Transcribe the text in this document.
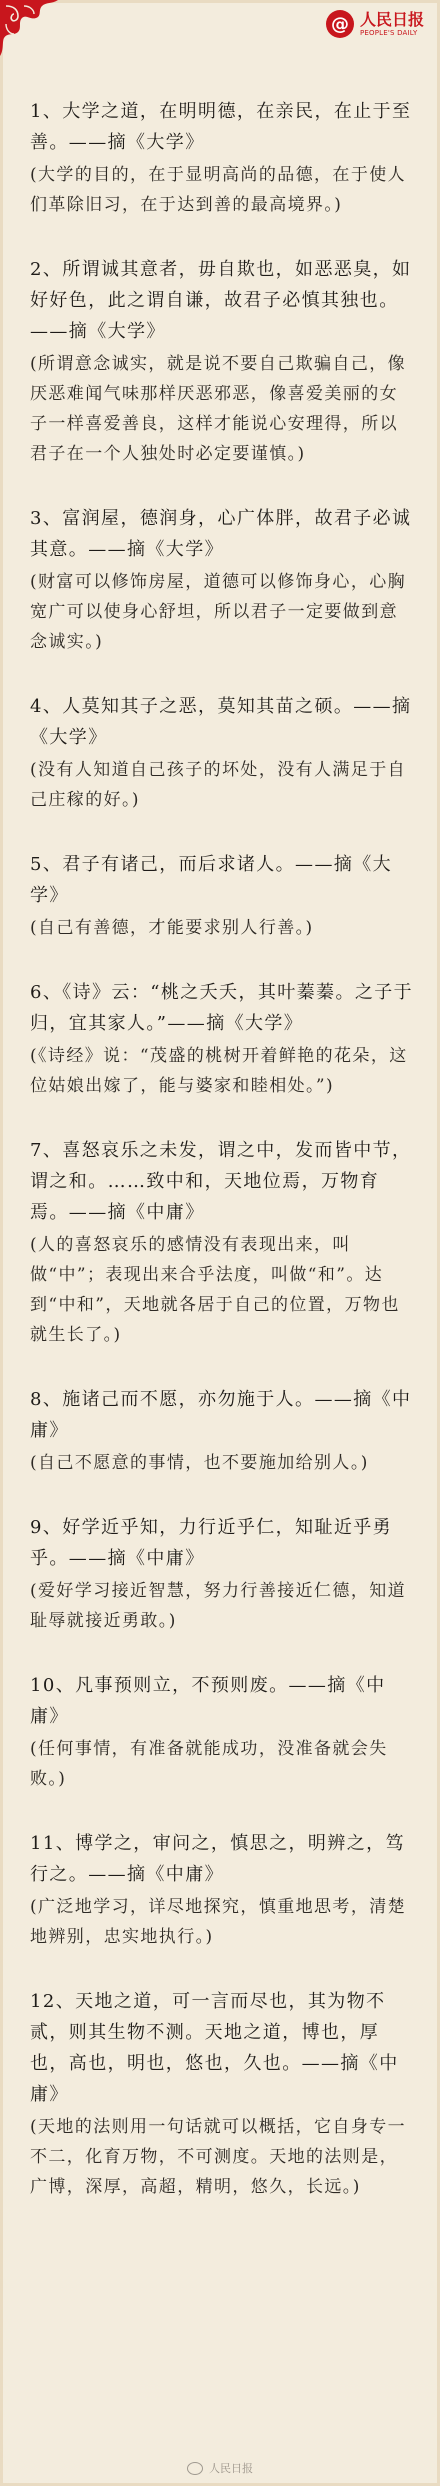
@ 人民日报
PEOPLE'S DAILY
1、大学之道，在明明德，在亲民，在止于至善。——摘《大学》
(大学的目的，在于显明高尚的品德，在于使人们革除旧习，在于达到善的最高境界。)
2、所谓诚其意者，毋自欺也，如恶恶臭，如好好色，此之谓自谦，故君子必慎其独也。——摘《大学》
(所谓意念诚实，就是说不要自己欺骗自己，像厌恶难闻气味那样厌恶邪恶，像喜爱美丽的女子一样喜爱善良，这样才能说心安理得，所以君子在一个人独处时必定要谨慎。)
3、富润屋，德润身，心广体胖，故君子必诚其意。——摘《大学》
(财富可以修饰房屋，道德可以修饰身心，心胸宽广可以使身心舒坦，所以君子一定要做到意念诚实。)
4、人莫知其子之恶，莫知其苗之硕。——摘《大学》
(没有人知道自己孩子的坏处，没有人满足于自己庄稼的好。)
5、君子有诸己，而后求诸人。——摘《大学》
(自己有善德，才能要求别人行善。)
6、《诗》云：“桃之夭夭，其叶蓁蓁。之子于归，宜其家人。”——摘《大学》
(《诗经》说：“茂盛的桃树开着鲜艳的花朵，这位姑娘出嫁了，能与婆家和睦相处。”)
7、喜怒哀乐之未发，谓之中，发而皆中节，谓之和。……致中和，天地位焉，万物育焉。——摘《中庸》
(人的喜怒哀乐的感情没有表现出来，叫做“中”；表现出来合乎法度，叫做“和”。达到“中和”，天地就各居于自己的位置，万物也就生长了。)
8、施诸己而不愿，亦勿施于人。——摘《中庸》
(自己不愿意的事情，也不要施加给别人。)
9、好学近乎知，力行近乎仁，知耻近乎勇乎。——摘《中庸》
(爱好学习接近智慧，努力行善接近仁德，知道耻辱就接近勇敢。)
10、凡事预则立，不预则废。——摘《中庸》
(任何事情，有准备就能成功，没准备就会失败。)
11、博学之，审问之，慎思之，明辨之，笃行之。——摘《中庸》
(广泛地学习，详尽地探究，慎重地思考，清楚地辨别，忠实地执行。)
12、天地之道，可一言而尽也，其为物不贰，则其生物不测。天地之道，博也，厚也，高也，明也，悠也，久也。——摘《中庸》
(天地的法则用一句话就可以概括，它自身专一不二，化育万物，不可测度。天地的法则是，广博，深厚，高超，精明，悠久，长远。)
人民日报
